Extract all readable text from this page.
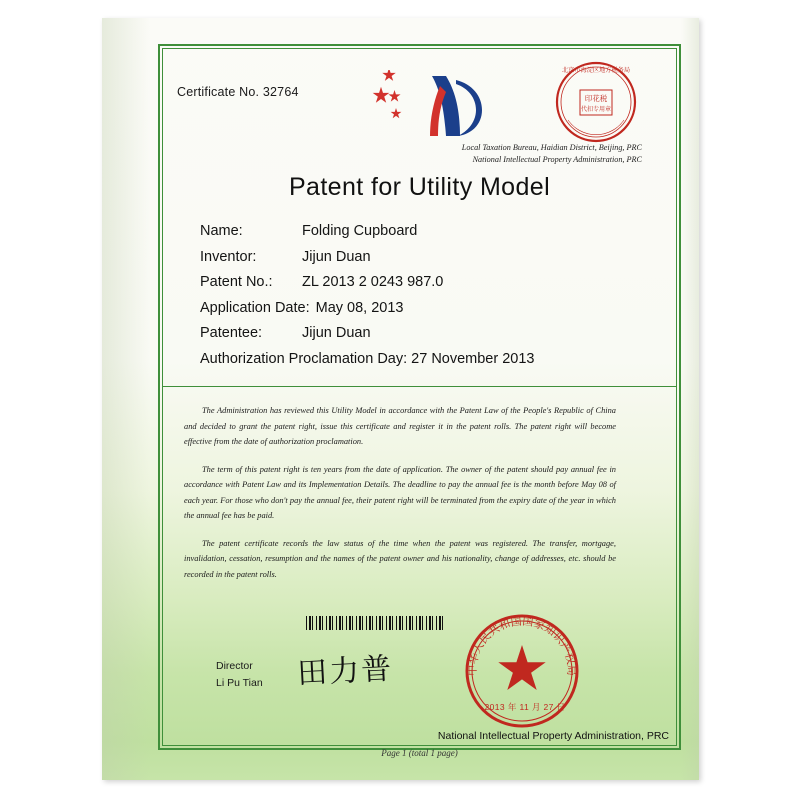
Certificate No. 32764	印花税
代扣专用章
北京市海淀区地方税务局
Local Taxation Bureau, Haidian District, Beijing, PRC
National Intellectual Property Administration, PRC
Patent for Utility Model
Name:	Folding Cupboard
Inventor:	Jijun Duan
Patent No.:	ZL 2013 2 0243 987.0
Application Date: May 08, 2013
Patentee:	Jijun Duan
Authorization Proclamation Day: 27 November 2013

The Administration has reviewed this Utility Model in accordance with the Patent Law of the People's Republic of China and decided to grant the patent right, issue this certificate and register it in the patent rolls. The patent right will become effective from the date of authorization proclamation.

The term of this patent right is ten years from the date of application. The owner of the patent should pay annual fee in accordance with Patent Law and its Implementation Details. The deadline to pay the annual fee is the month before May 08 of each year. For those who don't pay the annual fee, their patent right will be terminated from the expiry date of the year in which the annual fee has be paid.

The patent certificate records the law status of the time when the patent was registered. The transfer, mortgage, invalidation, cessation, resumption and the names of the patent owner and his nationality, change of addresses, etc. should be recorded in the patent rolls.

中华人民共和国国家知识产权局
2013 年 11 月 27 日
Director
Li Pu Tian 田力普
National Intellectual Property Administration, PRC
Page 1 (total 1 page)
